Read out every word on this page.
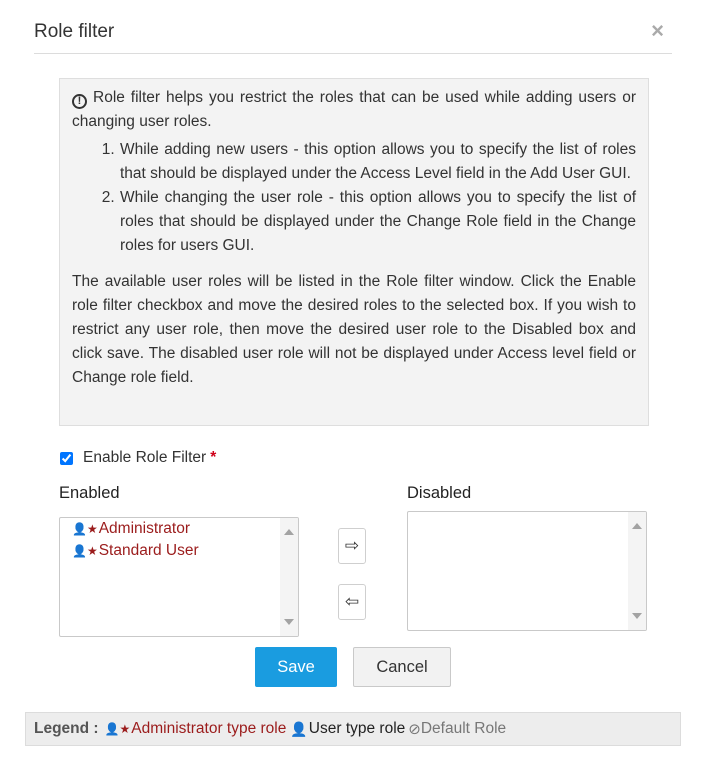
Role filter	×

! Role filter helps you restrict the roles that can be used while adding users or changing user roles.

1. While adding new users - this option allows you to specify the list of roles that should be displayed under the Access Level field in the Add User GUI.
2. While changing the user role - this option allows you to specify the list of roles that should be displayed under the Change Role field in the Change roles for users GUI.

The available user roles will be listed in the Role filter window. Click the Enable role filter checkbox and move the desired roles to the selected box. If you wish to restrict any user role, then move the desired user role to the Disabled box and click save. The disabled user role will not be displayed under Access level field or Change role field.

Enable Role Filter *
Enabled	Disabled
👤★ Administrator
👤★ Standard User	⇨
⇦
Save	Cancel
Legend : 👤★ Administrator type role 👤 User type role ⊘ Default Role
